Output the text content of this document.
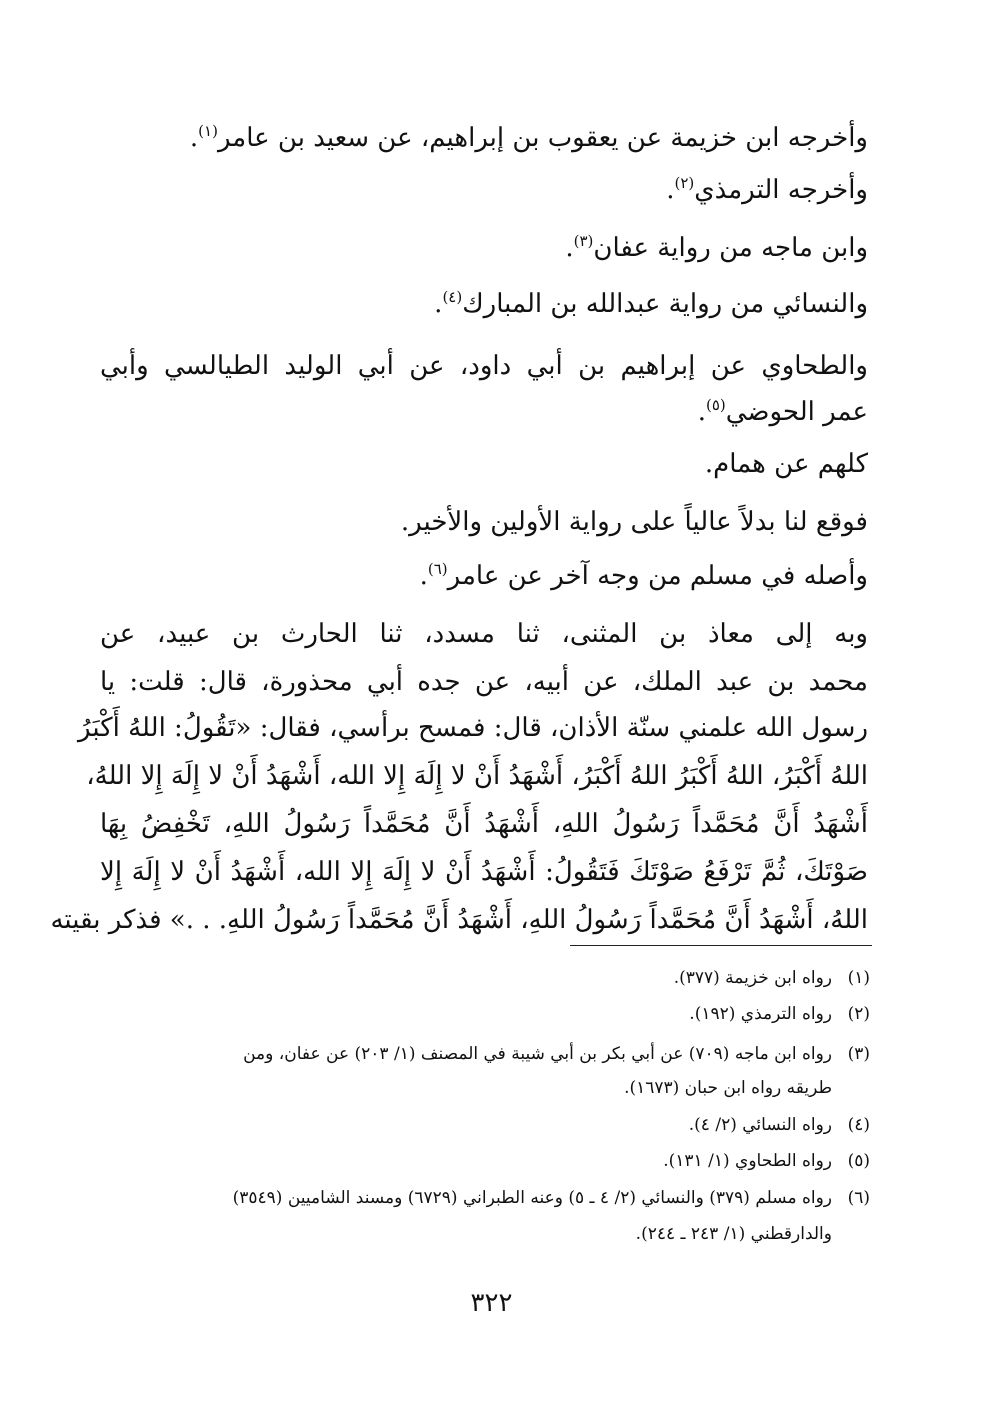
وأخرجه ابن خزيمة عن يعقوب بن إبراهيم، عن سعيد بن عامر$^{(١)}$.

وأخرجه الترمذي$^{(٢)}$.

وابن ماجه من رواية عفان$^{(٣)}$.

والنسائي من رواية عبدالله بن المبارك$^{(٤)}$.

والطحاوي عن إبراهيم بن أبي داود، عن أبي الوليد الطيالسي وأبي

عمر الحوضي$^{(٥)}$.

كلهم عن همام.

فوقع لنا بدلاً عالياً على رواية الأولين والأخير.

وأصله في مسلم من وجه آخر عن عامر$^{(٦)}$.

وبه إلى معاذ بن المثنى، ثنا مسدد، ثنا الحارث بن عبيد، عن

محمد بن عبد الملك، عن أبيه، عن جده أبي محذورة، قال: قلت: يا

رسول الله علمني سنّة الأذان، قال: فمسح برأسي، فقال: «تَقُولُ: اللهُ أَكْبَرُ

اللهُ أَكْبَرُ، اللهُ أَكْبَرُ اللهُ أَكْبَرُ، أَشْهَدُ أَنْ لا إِلَهَ إِلا الله، أَشْهَدُ أَنْ لا إِلَهَ إِلا اللهُ،

أَشْهَدُ أَنَّ مُحَمَّداً رَسُولُ اللهِ، أَشْهَدُ أَنَّ مُحَمَّداً رَسُولُ اللهِ، تَخْفِضُ بِهَا

صَوْتَكَ، ثُمَّ تَرْفَعُ صَوْتَكَ فَتَقُولُ: أَشْهَدُ أَنْ لا إِلَهَ إِلا الله، أَشْهَدُ أَنْ لا إِلَهَ إِلا

اللهُ، أَشْهَدُ أَنَّ مُحَمَّداً رَسُولُ اللهِ، أَشْهَدُ أَنَّ مُحَمَّداً رَسُولُ اللهِ. . .» فذكر بقيته

(١)رواه ابن خزيمة (٣٧٧).

(٢)رواه الترمذي (١٩٢).

(٣)رواه ابن ماجه (٧٠٩) عن أبي بكر بن أبي شيبة في المصنف (١/ ٢٠٣) عن عفان، ومن

طريقه رواه ابن حبان (١٦٧٣).

(٤)رواه النسائي (٢/ ٤).

(٥)رواه الطحاوي (١/ ١٣١).

(٦)رواه مسلم (٣٧٩) والنسائي (٢/ ٤ ـ ٥) وعنه الطبراني (٦٧٢٩) ومسند الشاميين (٣٥٤٩)

والدارقطني (١/ ٢٤٣ ـ ٢٤٤).

٣٢٢
